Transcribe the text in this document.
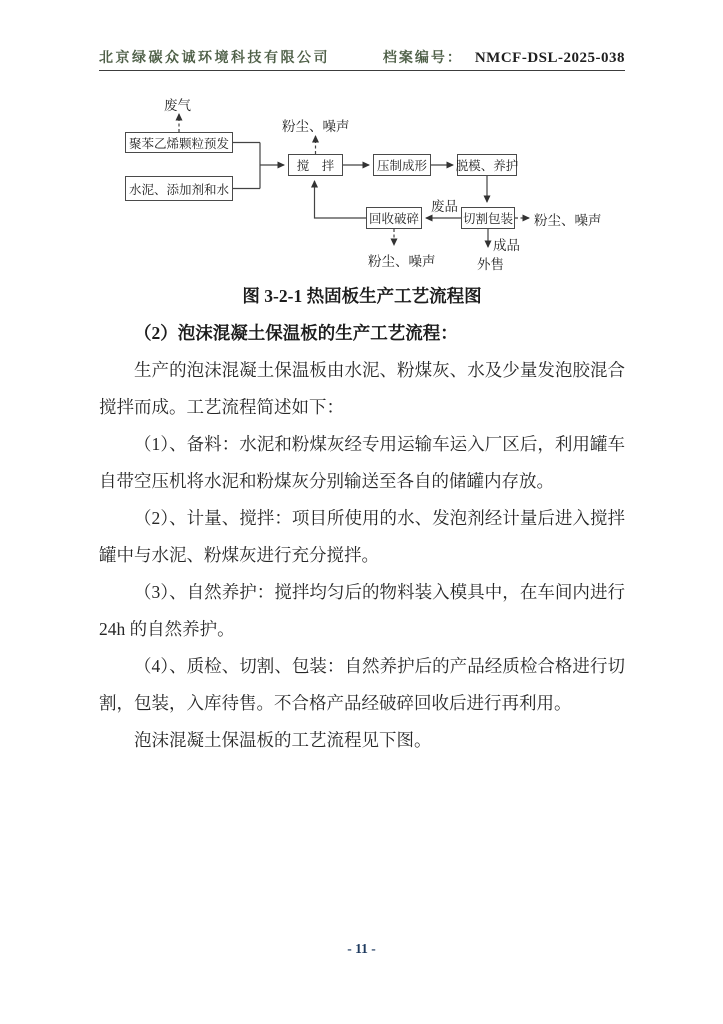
北京绿碳众诚环境科技有限公司	档案编号： NMCF-DSL-2025-038
聚苯乙烯颗粒预发
水泥、添加剂和水
搅　拌	压制成形	脱模、养护
回收破碎	切割包装
废气
粉尘、噪声
废品
粉尘、噪声
成品
外售
粉尘、噪声

图 3-2-1 热固板生产工艺流程图

（2）泡沫混凝土保温板的生产工艺流程：

生产的泡沫混凝土保温板由水泥、粉煤灰、水及少量发泡胶混合搅拌而成。工艺流程简述如下：

（1）、备料：水泥和粉煤灰经专用运输车运入厂区后，利用罐车自带空压机将水泥和粉煤灰分别输送至各自的储罐内存放。

（2）、计量、搅拌：项目所使用的水、发泡剂经计量后进入搅拌罐中与水泥、粉煤灰进行充分搅拌。

（3）、自然养护：搅拌均匀后的物料装入模具中，在车间内进行 24h 的自然养护。

（4）、质检、切割、包装：自然养护后的产品经质检合格进行切割，包装，入库待售。不合格产品经破碎回收后进行再利用。

泡沫混凝土保温板的工艺流程见下图。

- 11 -
